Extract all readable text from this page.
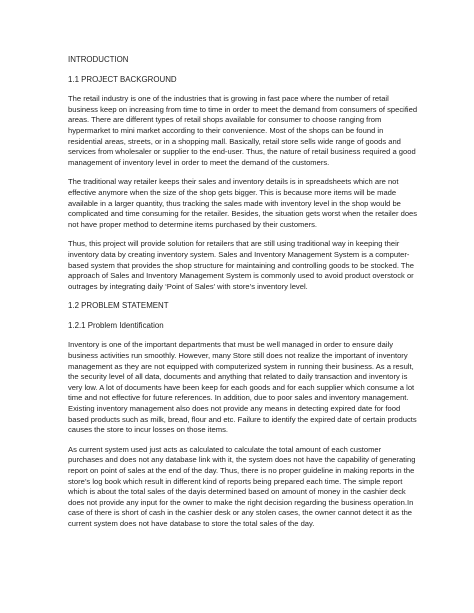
INTRODUCTION
1.1 PROJECT BACKGROUND

The retail industry is one of the industries that is growing in fast pace where the number of retail business keep on increasing from time to time in order to meet the demand from consumers of specified areas. There are different types of retail shops available for consumer to choose ranging from hypermarket to mini market according to their convenience. Most of the shops can be found in residential areas, streets, or in a shopping mall. Basically, retail store sells wide range of goods and services from wholesaler or supplier to the end-user. Thus, the nature of retail business required a good management of inventory level in order to meet the demand of the customers.

The traditional way retailer keeps their sales and inventory details is in spreadsheets which are not effective anymore when the size of the shop gets bigger. This is because more items will be made available in a larger quantity, thus tracking the sales made with inventory level in the shop would be complicated and time consuming for the retailer. Besides, the situation gets worst when the retailer does not have proper method to determine items purchased by their customers.

Thus, this project will provide solution for retailers that are still using traditional way in keeping their inventory data by creating inventory system. Sales and Inventory Management System is a computer- based system that provides the shop structure for maintaining and controlling goods to be stocked. The approach of Sales and Inventory Management System is commonly used to avoid product overstock or outrages by integrating daily ‘Point of Sales’ with store’s inventory level.

1.2 PROBLEM STATEMENT
1.2.1 Problem Identification

Inventory is one of the important departments that must be well managed in order to ensure daily business activities run smoothly. However, many Store still does not realize the important of inventory management as they are not equipped with computerized system in running their business. As a result, the security level of all data, documents and anything that related to daily transaction and inventory is very low. A lot of documents have been keep for each goods and for each supplier which consume a lot time and not effective for future references. In addition, due to poor sales and inventory management. Existing inventory management also does not provide any means in detecting expired date for food based products such as milk, bread, flour and etc. Failure to identify the expired date of certain products causes the store to incur losses on those items.

As current system used just acts as calculated to calculate the total amount of each customer purchases and does not any database link with it, the system does not have the capability of generating report on point of sales at the end of the day. Thus, there is no proper guideline in making reports in the store’s log book which result in different kind of reports being prepared each time. The simple report which is about the total sales of the dayis determined based on amount of money in the cashier deck does not provide any input for the owner to make the right decision regarding the business operation.In case of there is short of cash in the cashier desk or any stolen cases, the owner cannot detect it as the current system does not have database to store the total sales of the day.
